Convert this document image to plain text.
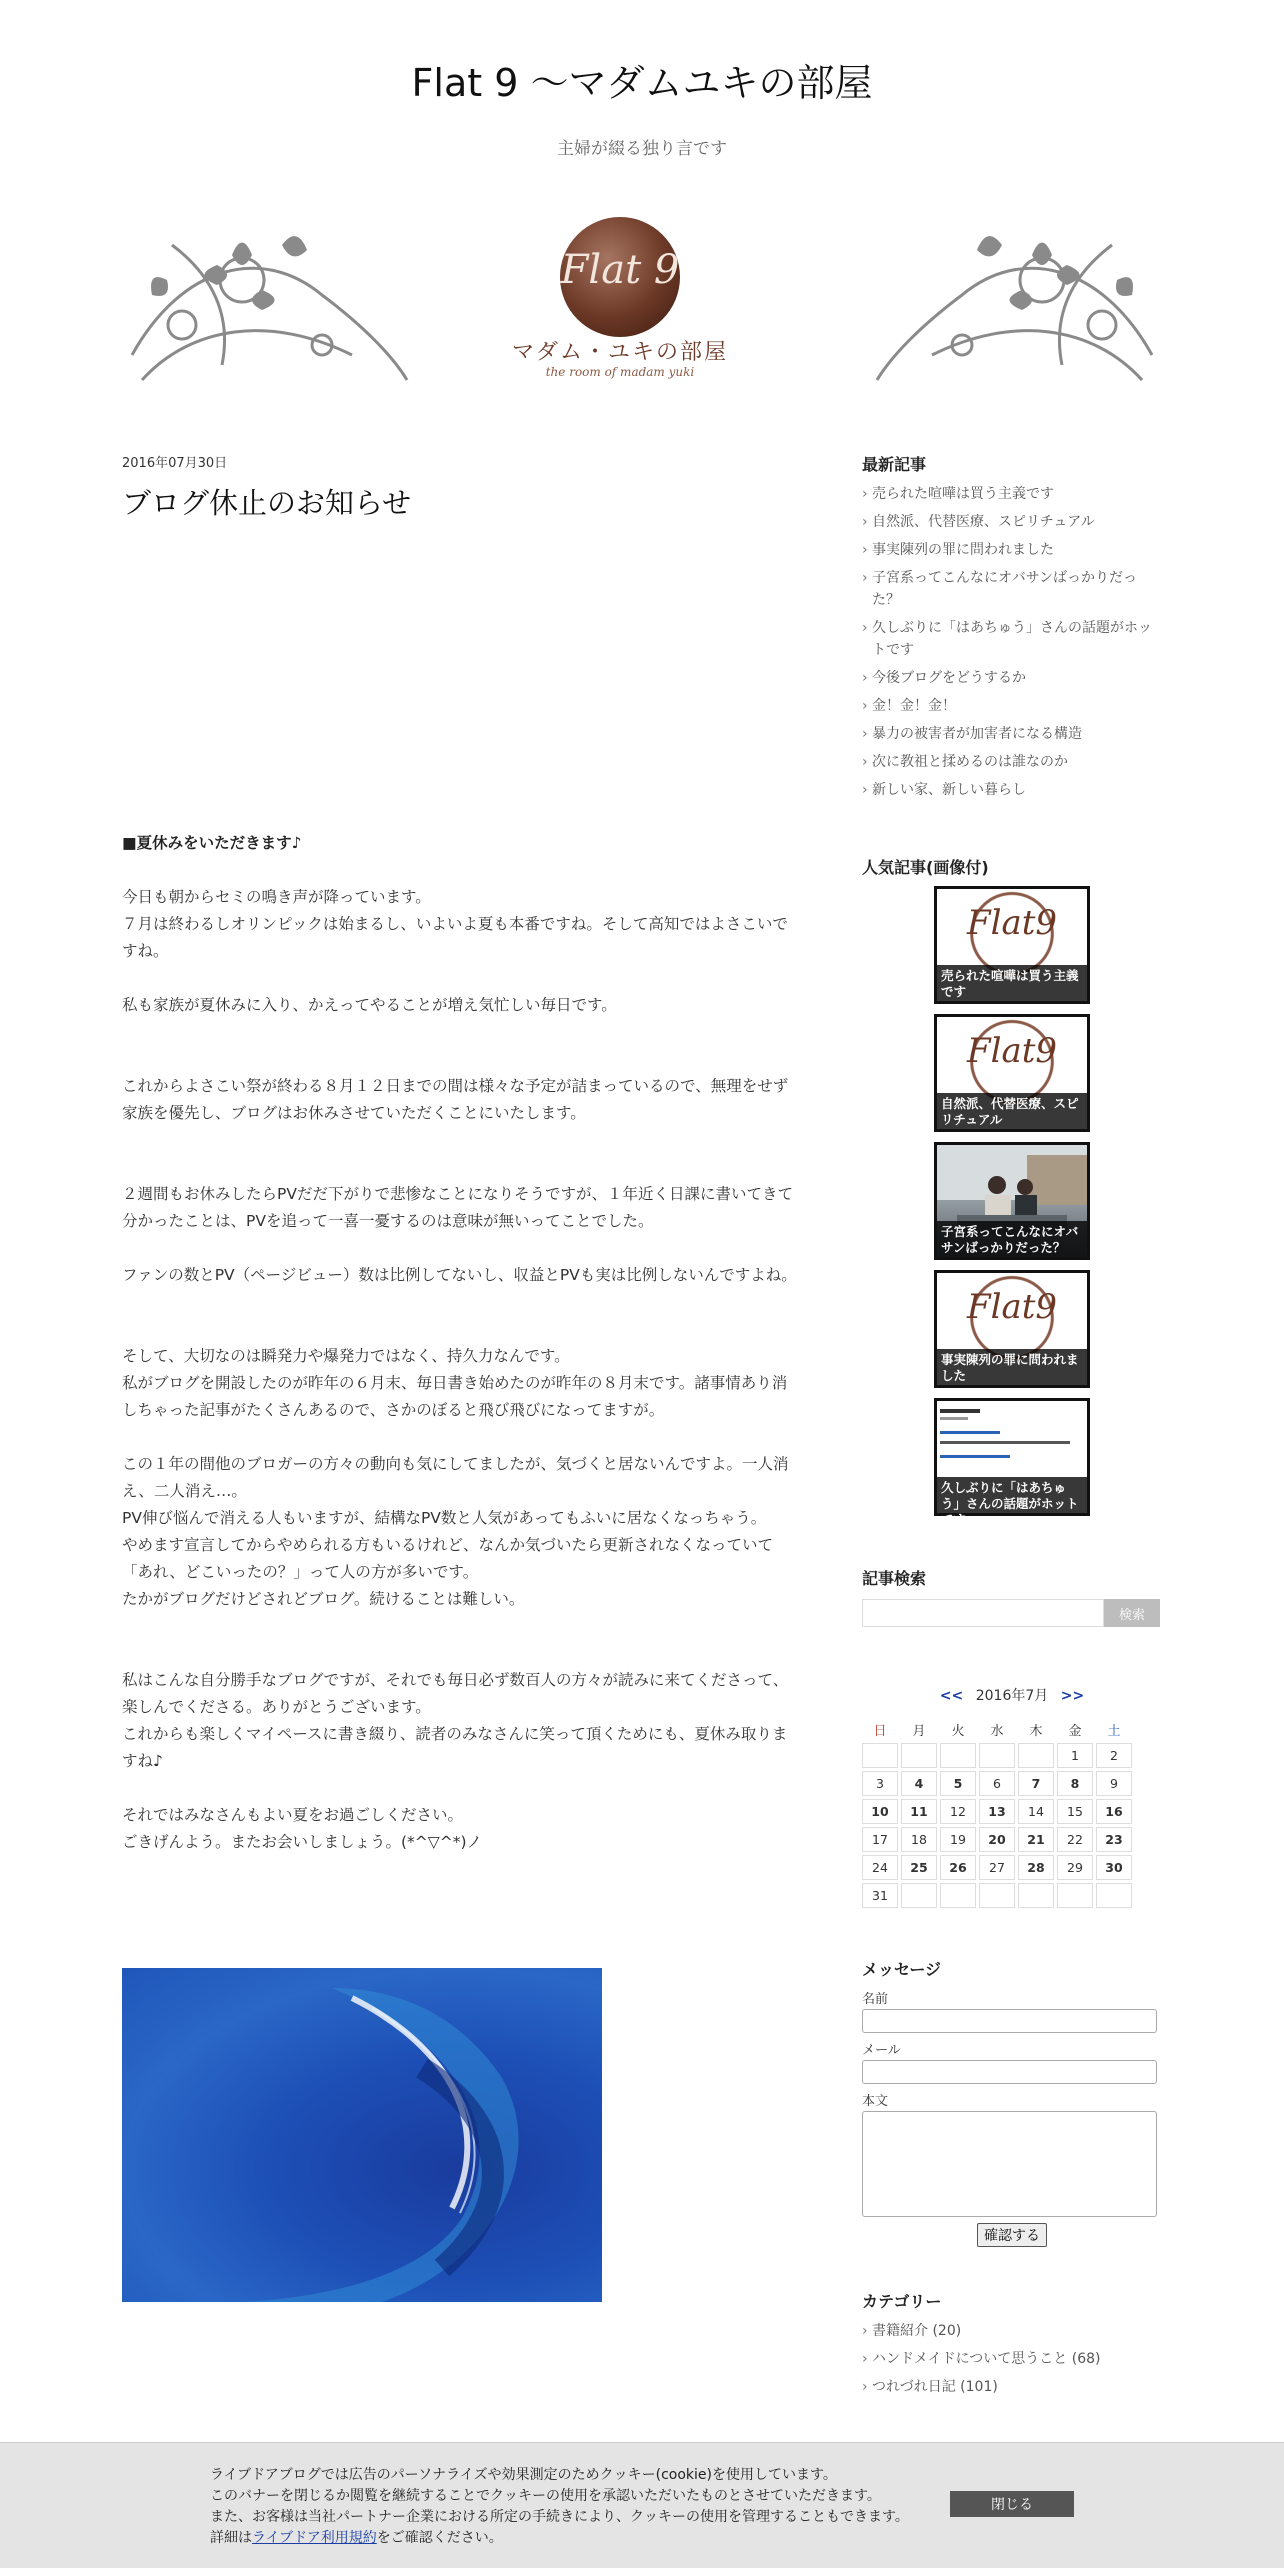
Flat 9 〜マダムユキの部屋
主婦が綴る独り言です
Flat 9
マダム・ユキの部屋
the room of madam yuki
2016年07月30日
ブログ休止のお知らせ

■夏休みをいただきます♪

今日も朝からセミの鳴き声が降っています。

７月は終わるしオリンピックは始まるし、いよいよ夏も本番ですね。そして高知ではよさこいですね。

私も家族が夏休みに入り、かえってやることが増え気忙しい毎日です。

これからよさこい祭が終わる８月１２日までの間は様々な予定が詰まっているので、無理をせず家族を優先し、ブログはお休みさせていただくことにいたします。

２週間もお休みしたらPVだだ下がりで悲惨なことになりそうですが、１年近く日課に書いてきて分かったことは、PVを追って一喜一憂するのは意味が無いってことでした。

ファンの数とPV（ページビュー）数は比例してないし、収益とPVも実は比例しないんですよね。

そして、大切なのは瞬発力や爆発力ではなく、持久力なんです。

私がブログを開設したのが昨年の６月末、毎日書き始めたのが昨年の８月末です。諸事情あり消しちゃった記事がたくさんあるので、さかのぼると飛び飛びになってますが。

この１年の間他のブロガーの方々の動向も気にしてましたが、気づくと居ないんですよ。一人消え、二人消え…。

PV伸び悩んで消える人もいますが、結構なPV数と人気があってもふいに居なくなっちゃう。

やめます宣言してからやめられる方もいるけれど、なんか気づいたら更新されなくなっていて「あれ、どこいったの？」って人の方が多いです。

たかがブログだけどされどブログ。続けることは難しい。

私はこんな自分勝手なブログですが、それでも毎日必ず数百人の方々が読みに来てくださって、楽しんでくださる。ありがとうございます。

これからも楽しくマイペースに書き綴り、読者のみなさんに笑って頂くためにも、夏休み取りますね♪

それではみなさんもよい夏をお過ごしください。

ごきげんよう。またお会いしましょう。(*^▽^*)ノ

最新記事
› 売られた喧嘩は買う主義です
› 自然派、代替医療、スピリチュアル
› 事実陳列の罪に問われました
› 子宮系ってこんなにオバサンばっかりだった？
› 久しぶりに「はあちゅう」さんの話題がホットです
› 今後ブログをどうするか
› 金！金！金！
› 暴力の被害者が加害者になる構造
› 次に教祖と揉めるのは誰なのか
› 新しい家、新しい暮らし
人気記事(画像付)
Flat9
売られた喧嘩は買う主義です
Flat9
自然派、代替医療、スピリチュアル
子宮系ってこんなにオバサンばっかりだった？
Flat9
事実陳列の罪に問われました
久しぶりに「はあちゅう」さんの話題がホットです
記事検索
検索
<< 2016年7月 >>
日	月	火	水	木	金	土
					1	2
3	4	5	6	7	8	9
10	11	12	13	14	15	16
17	18	19	20	21	22	23
24	25	26	27	28	29	30
31						
メッセージ
名前
メール
本文
確認する
カテゴリー
› 書籍紹介 (20)
› ハンドメイドについて思うこと (68)
› つれづれ日記 (101)
ライブドアブログでは広告のパーソナライズや効果測定のためクッキー(cookie)を使用しています。
このバナーを閉じるか閲覧を継続することでクッキーの使用を承認いただいたものとさせていただきます。
また、お客様は当社パートナー企業における所定の手続きにより、クッキーの使用を管理することもできます。
詳細はライブドア利用規約をご確認ください。
閉じる
